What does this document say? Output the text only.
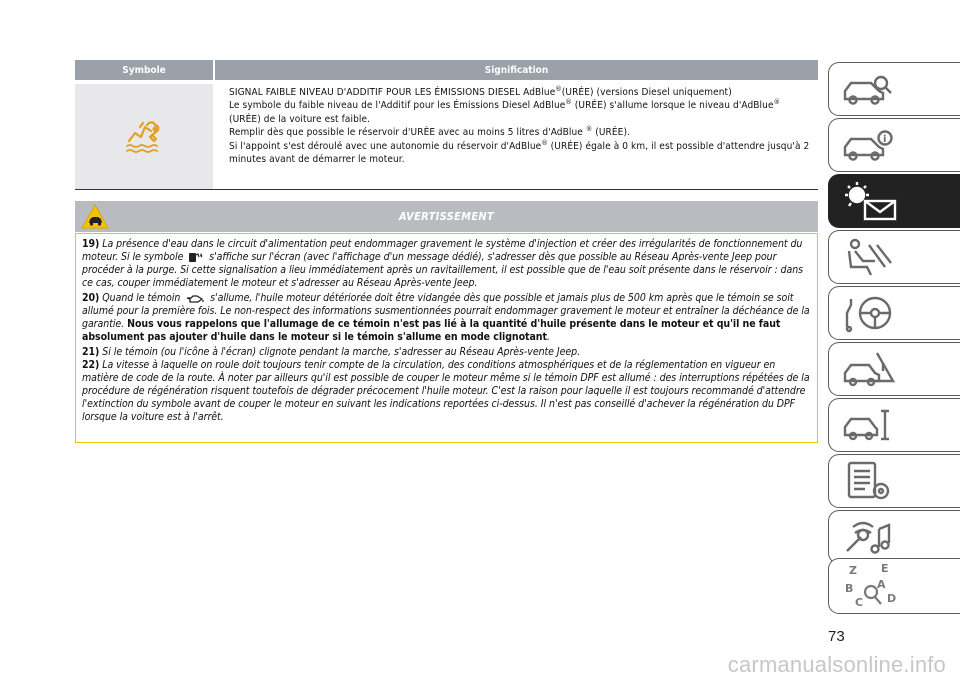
Symbole	Signification

SIGNAL FAIBLE NIVEAU D'ADDITIF POUR LES ÉMISSIONS DIESEL AdBlue®(URÉE) (versions Diesel uniquement)

Le symbole du faible niveau de l'Additif pour les Émissions Diesel AdBlue® (URÉE) s'allume lorsque le niveau d'AdBlue® (URÉE) de la voiture est faible.

Remplir dès que possible le réservoir d'URÉE avec au moins 5 litres d'AdBlue ® (URÉE).

Si l'appoint s'est déroulé avec une autonomie du réservoir d'AdBlue® (URÉE) égale à 0 km, il est possible d'attendre jusqu'à 2 minutes avant de démarrer le moteur.

AVERTISSEMENT

19) La présence d'eau dans le circuit d'alimentation peut endommager gravement le système d'injection et créer des irrégularités de fonctionnement du moteur. Si le symbole  s'affiche sur l'écran (avec l'affichage d'un message dédié), s'adresser dès que possible au Réseau Après-vente Jeep pour procéder à la purge. Si cette signalisation a lieu immédiatement après un ravitaillement, il est possible que de l'eau soit présente dans le réservoir : dans ce cas, couper immédiatement le moteur et s'adresser au Réseau Après-vente Jeep.

20) Quand le témoin  s'allume, l'huile moteur détériorée doit être vidangée dès que possible et jamais plus de 500 km après que le témoin se soit allumé pour la première fois. Le non-respect des informations susmentionnées pourrait endommager gravement le moteur et entraîner la déchéance de la garantie. Nous vous rappelons que l'allumage de ce témoin n'est pas lié à la quantité d'huile présente dans le moteur et qu'il ne faut absolument pas ajouter d'huile dans le moteur si le témoin s'allume en mode clignotant.

21) Si le témoin (ou l'icône à l'écran) clignote pendant la marche, s'adresser au Réseau Après-vente Jeep.

22) La vitesse à laquelle on roule doit toujours tenir compte de la circulation, des conditions atmosphériques et de la réglementation en vigueur en matière de code de la route. À noter par ailleurs qu'il est possible de couper le moteur même si le témoin DPF est allumé : des interruptions répétées de la procédure de régénération risquent toutefois de dégrader précocement l'huile moteur. C'est la raison pour laquelle il est toujours recommandé d'attendre l'extinction du symbole avant de couper le moteur en suivant les indications reportées ci-dessus. Il n'est pas conseillé d'achever la régénération du DPF lorsque la voiture est à l'arrêt.

i
Z E
B A
C D
73
carmanualsonline.info
